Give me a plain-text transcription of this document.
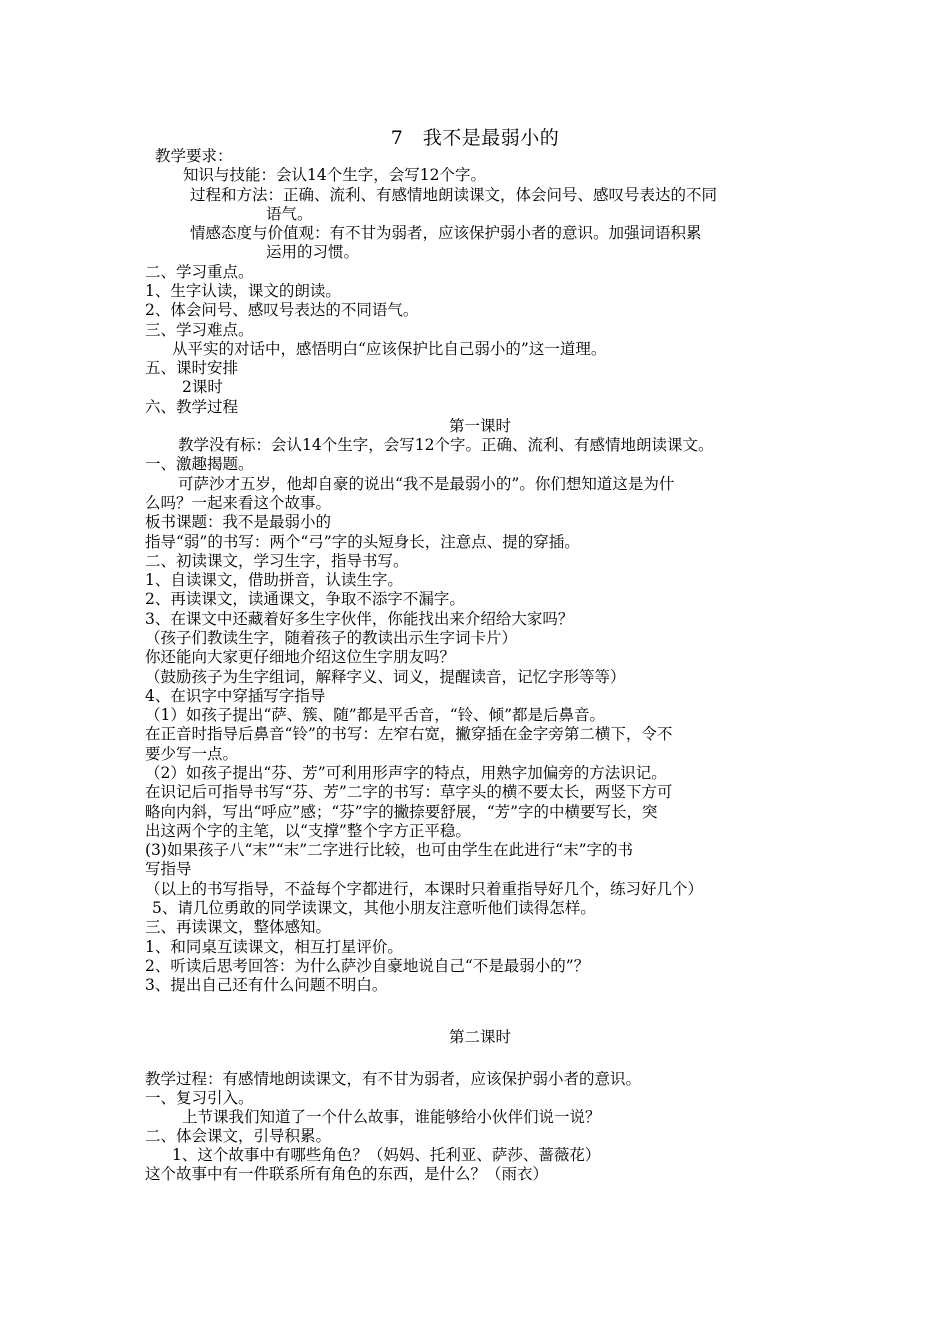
7　我不是最弱小的
教学要求：
知识与技能：会认14个生字，会写12个字。
过程和方法：正确、流利、有感情地朗读课文，体会问号、感叹号表达的不同
语气。
情感态度与价值观：有不甘为弱者，应该保护弱小者的意识。加强词语积累
运用的习惯。
二、学习重点。
1、生字认读，课文的朗读。
2、体会问号、感叹号表达的不同语气。
三、学习难点。
从平实的对话中，感悟明白“应该保护比自己弱小的”这一道理。
五、课时安排
2课时
六、教学过程
第一课时
教学没有标：会认14个生字，会写12个字。正确、流利、有感情地朗读课文。
一、激趣揭题。
可萨沙才五岁，他却自豪的说出“我不是最弱小的”。你们想知道这是为什
么吗？一起来看这个故事。
板书课题：我不是最弱小的
指导“弱”的书写：两个“弓”字的头短身长，注意点、提的穿插。
二、初读课文，学习生字，指导书写。
1、自读课文，借助拼音，认读生字。
2、再读课文，读通课文，争取不添字不漏字。
3、在课文中还藏着好多生字伙伴，你能找出来介绍给大家吗？
（孩子们教读生字，随着孩子的教读出示生字词卡片）
你还能向大家更仔细地介绍这位生字朋友吗？
（鼓励孩子为生字组词，解释字义、词义，提醒读音，记忆字形等等）
4、在识字中穿插写字指导
（1）如孩子提出“萨、簇、随”都是平舌音，“铃、倾”都是后鼻音。
在正音时指导后鼻音“铃”的书写：左窄右宽，撇穿插在金字旁第二横下，令不
要少写一点。
（2）如孩子提出“芬、芳”可利用形声字的特点，用熟字加偏旁的方法识记。
在识记后可指导书写“芬、芳”二字的书写：草字头的横不要太长，两竖下方可
略向内斜，写出“呼应”感；“芬”字的撇捺要舒展，“芳”字的中横要写长，突
出这两个字的主笔，以“支撑”整个字方正平稳。
(3)如果孩子八“末”“末”二字进行比较，也可由学生在此进行“末”字的书
写指导
（以上的书写指导，不益每个字都进行，本课时只着重指导好几个，练习好几个）
5、请几位勇敢的同学读课文，其他小朋友注意听他们读得怎样。
三、再读课文，整体感知。
1、和同桌互读课文，相互打星评价。
2、听读后思考回答：为什么萨沙自豪地说自己“不是最弱小的”？
3、提出自己还有什么问题不明白。
第二课时
教学过程：有感情地朗读课文，有不甘为弱者，应该保护弱小者的意识。
一、复习引入。
上节课我们知道了一个什么故事，谁能够给小伙伴们说一说？
二、体会课文，引导积累。
1、这个故事中有哪些角色？（妈妈、托利亚、萨莎、蔷薇花）
这个故事中有一件联系所有角色的东西，是什么？（雨衣）
